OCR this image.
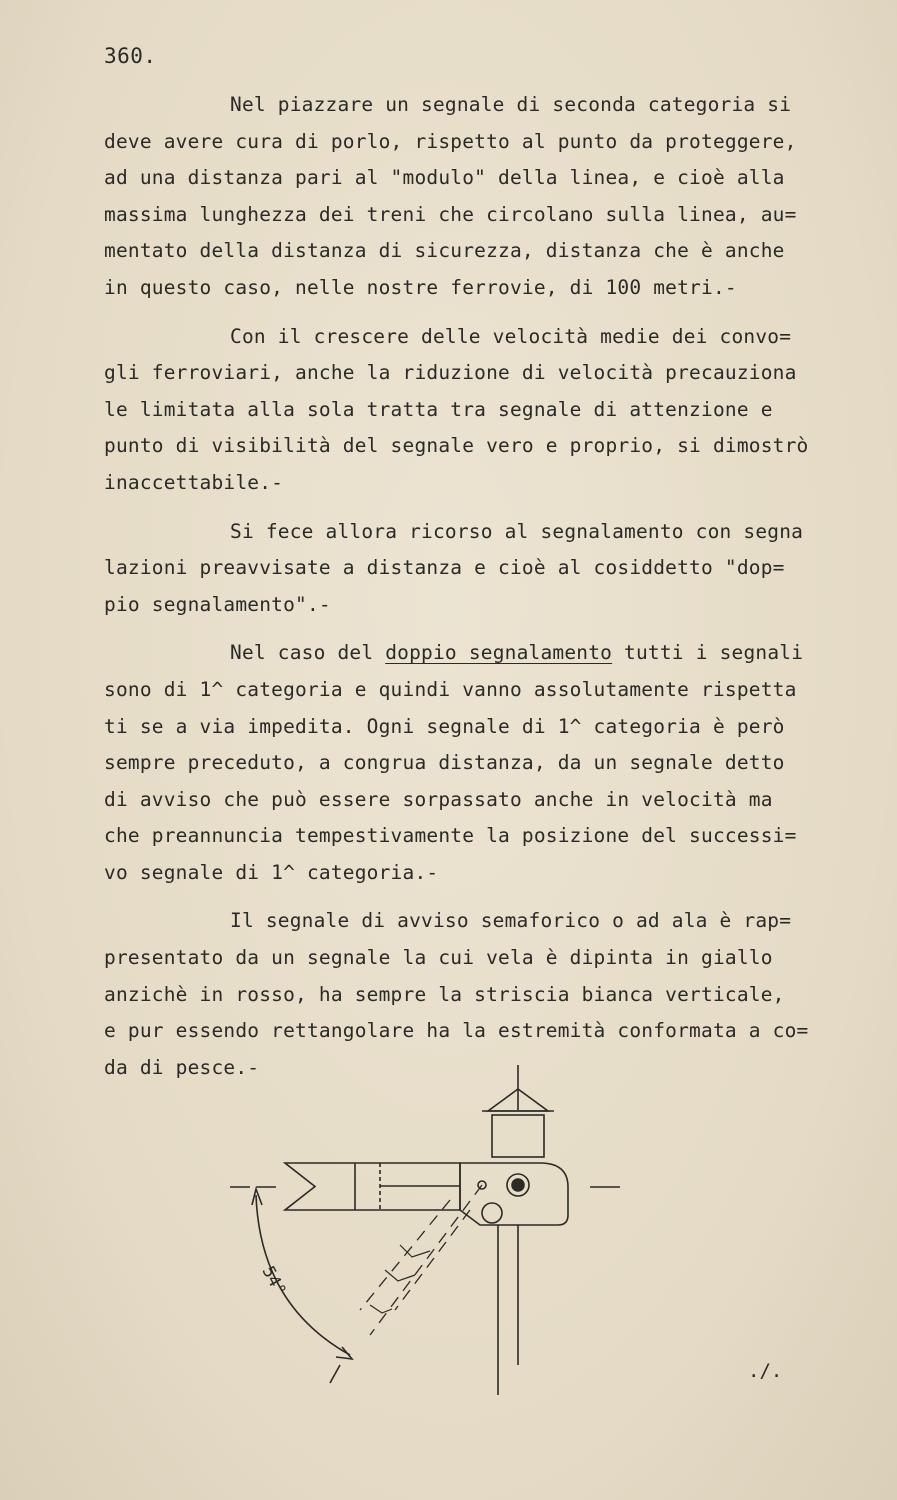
360.
Nel piazzare un segnale di seconda categoria si
deve avere cura di porlo, rispetto al punto da proteggere,
ad una distanza pari al "modulo" della linea, e cioè alla
massima lunghezza dei treni che circolano sulla linea, au=
mentato della distanza di sicurezza, distanza che è anche
in questo caso, nelle nostre ferrovie, di 100 metri.-
Con il crescere delle velocità medie dei convo=
gli ferroviari, anche la riduzione di velocità precauziona
le limitata alla sola tratta tra segnale di attenzione e
punto di visibilità del segnale vero e proprio, si dimostrò
inaccettabile.-
Si fece allora ricorso al segnalamento con segna
lazioni preavvisate a distanza e cioè al cosiddetto "dop=
pio segnalamento".-
Nel caso del doppio segnalamento tutti i segnali
sono di 1^ categoria e quindi vanno assolutamente rispetta
ti se a via impedita. Ogni segnale di 1^ categoria è però
sempre preceduto, a congrua distanza, da un segnale detto
di avviso che può essere sorpassato anche in velocità ma
che preannuncia tempestivamente la posizione del successi=
vo segnale di 1^ categoria.-
Il segnale di avviso semaforico o ad ala è rap=
presentato da un segnale la cui vela è dipinta in giallo
anzichè in rosso, ha sempre la striscia bianca verticale,
e pur essendo rettangolare ha la estremità conformata a co=
da di pesce.-
54°
./.
